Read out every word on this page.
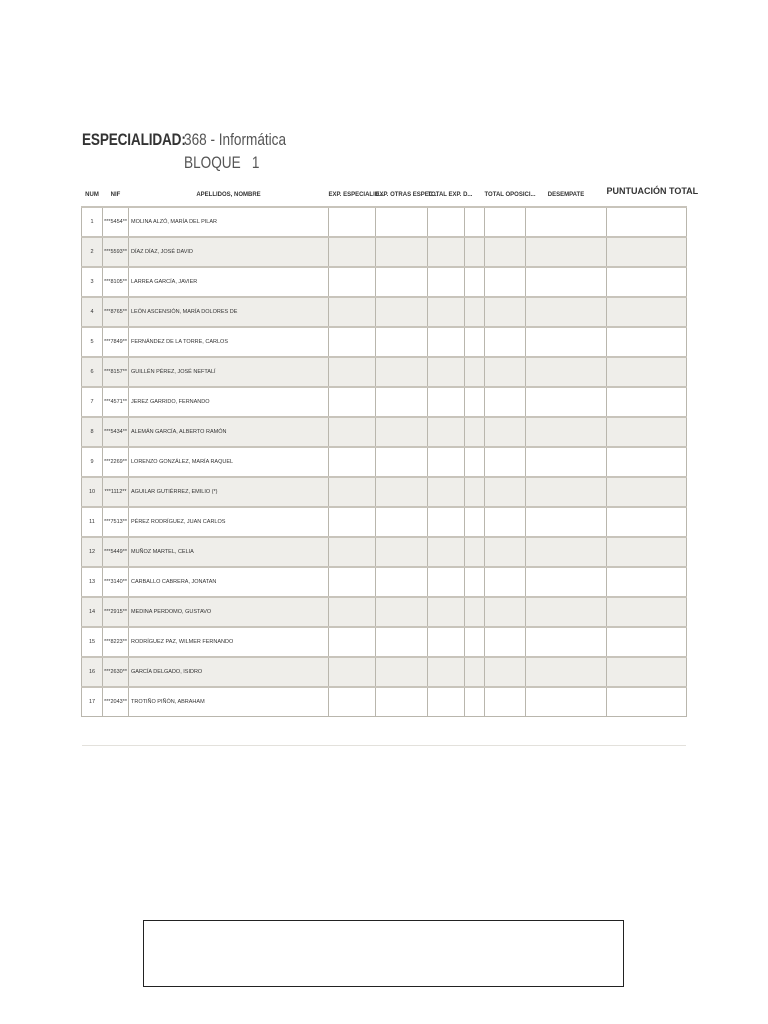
ESPECIALIDAD:
368 - Informática
BLOQUE 1
NUM	NIF	APELLIDOS, NOMBRE	EXP. ESPECIALID...	EXP. OTRAS ESPEC...	TOTAL EXP. D...		TOTAL OPOSICI...	DESEMPATE	PUNTUACIÓN TOTAL
1	***5454**	MOLINA ALZÓ, MARÍA DEL PILAR							
2	***5593**	DÍAZ DÍAZ, JOSÉ DAVID							
3	***8105**	LARREA GARCÍA, JAVIER							
4	***8765**	LEÓN ASCENSIÓN, MARÍA DOLORES DE							
5	***7849**	FERNÁNDEZ DE LA TORRE, CARLOS							
6	***8157**	GUILLÉN PÉREZ, JOSÉ NEFTALÍ							
7	***4571**	JEREZ GARRIDO, FERNANDO							
8	***5434**	ALEMÁN GARCÍA, ALBERTO RAMÓN							
9	***2269**	LORENZO GONZÁLEZ, MARÍA RAQUEL							
10	***1112**	AGUILAR GUTIÉRREZ, EMILIO (*)							
11	***7513**	PÉREZ RODRÍGUEZ, JUAN CARLOS							
12	***5449**	MUÑOZ MARTEL, CELIA							
13	***3140**	CARBALLO CABRERA, JONATAN							
14	***2915**	MEDINA PERDOMO, GUSTAVO							
15	***8223**	RODRÍGUEZ PAZ, WILMER FERNANDO							
16	***2630**	GARCÍA DELGADO, ISIDRO							
17	***2043**	TROTIÑO PIÑÓN, ABRAHAM							
